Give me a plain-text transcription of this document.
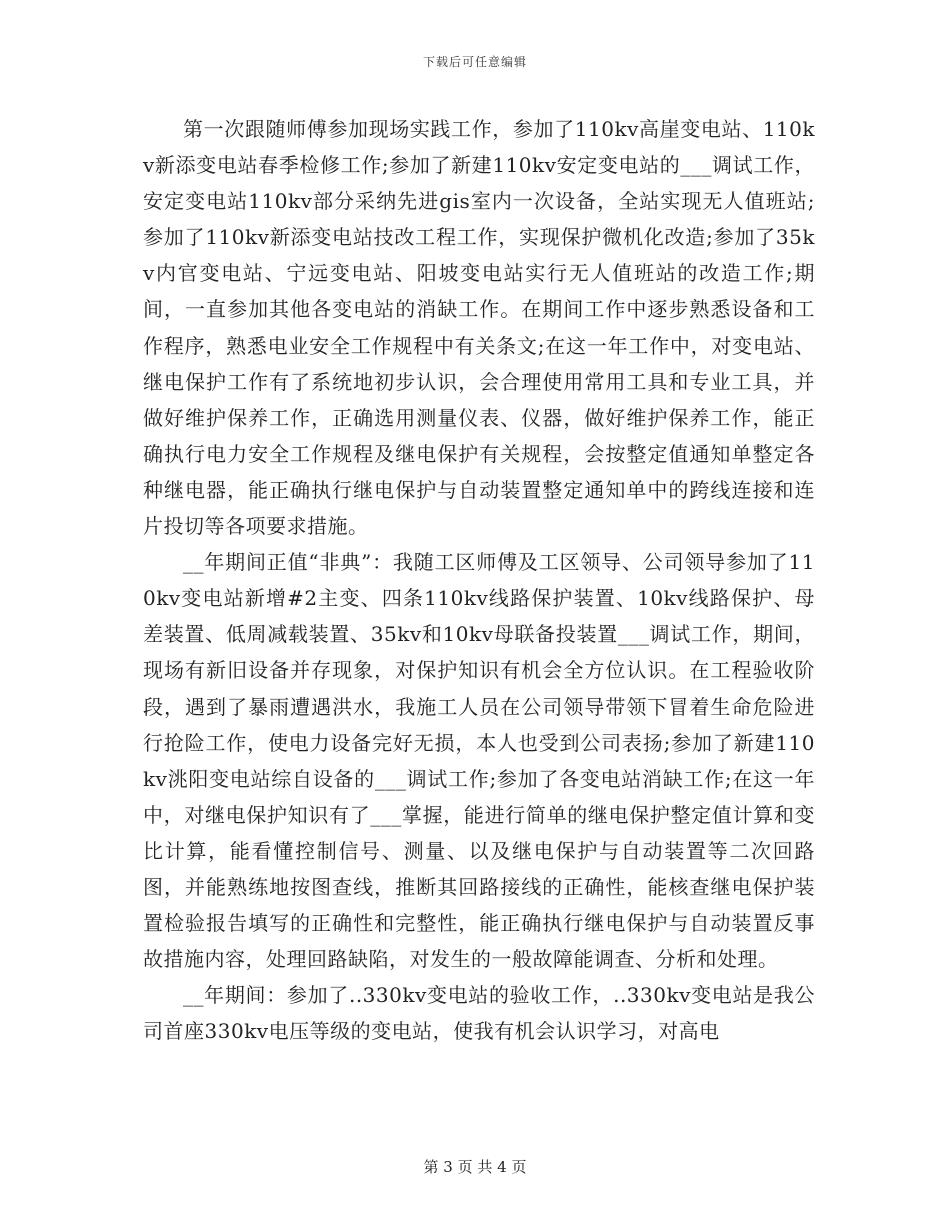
下载后可任意编辑

第一次跟随师傅参加现场实践工作，参加了110kv高崖变电站、110kv新添变电站春季检修工作;参加了新建110kv安定变电站的___调试工作，安定变电站110kv部分采纳先进gis室内一次设备，全站实现无人值班站;参加了110kv新添变电站技改工程工作，实现保护微机化改造;参加了35kv内官变电站、宁远变电站、阳坡变电站实行无人值班站的改造工作;期间，一直参加其他各变电站的消缺工作。在期间工作中逐步熟悉设备和工作程序，熟悉电业安全工作规程中有关条文;在这一年工作中，对变电站、继电保护工作有了系统地初步认识，会合理使用常用工具和专业工具，并做好维护保养工作，正确选用测量仪表、仪器，做好维护保养工作，能正确执行电力安全工作规程及继电保护有关规程，会按整定值通知单整定各种继电器，能正确执行继电保护与自动装置整定通知单中的跨线连接和连片投切等各项要求措施。

__年期间正值“非典”：我随工区师傅及工区领导、公司领导参加了110kv变电站新增#2主变、四条110kv线路保护装置、10kv线路保护、母差装置、低周减载装置、35kv和10kv母联备投装置___调试工作，期间，现场有新旧设备并存现象，对保护知识有机会全方位认识。在工程验收阶段，遇到了暴雨遭遇洪水，我施工人员在公司领导带领下冒着生命危险进行抢险工作，使电力设备完好无损，本人也受到公司表扬;参加了新建110kv洮阳变电站综自设备的___调试工作;参加了各变电站消缺工作;在这一年中，对继电保护知识有了___掌握，能进行简单的继电保护整定值计算和变比计算，能看懂控制信号、测量、以及继电保护与自动装置等二次回路图，并能熟练地按图查线，推断其回路接线的正确性，能核查继电保护装置检验报告填写的正确性和完整性，能正确执行继电保护与自动装置反事故措施内容，处理回路缺陷，对发生的一般故障能调查、分析和处理。

__年期间：参加了..330kv变电站的验收工作，..330kv变电站是我公司首座330kv电压等级的变电站，使我有机会认识学习，对高电

第 3 页 共 4 页
